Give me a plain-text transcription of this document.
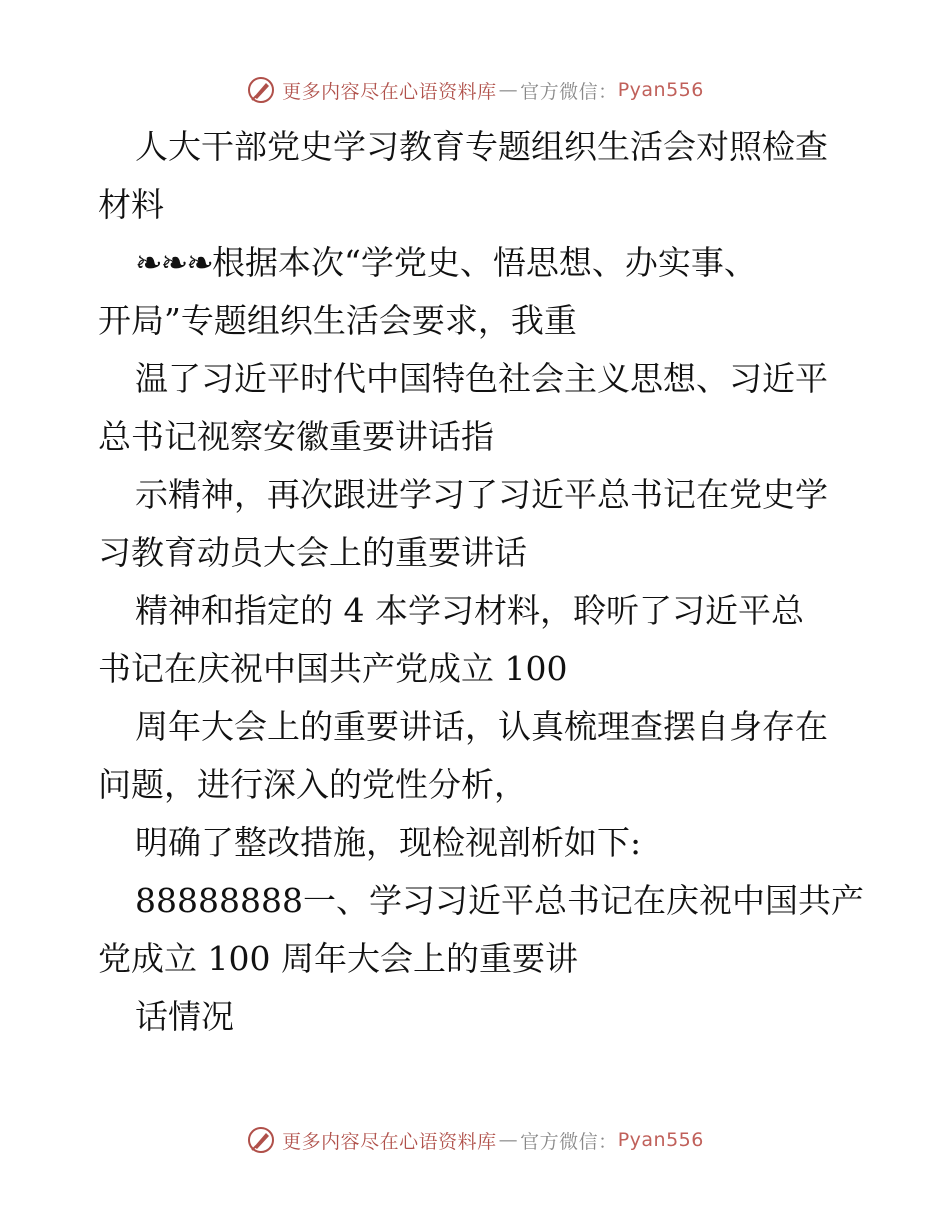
更多内容尽在心语资料库 — 官方微信： Pyan556
人大干部党史学习教育专题组织生活会对照检查
材料
❧❧❧根据本次“学党史、悟思想、办实事、
开局”专题组织生活会要求，我重
温了习近平时代中国特色社会主义思想、习近平
总书记视察安徽重要讲话指
示精神，再次跟进学习了习近平总书记在党史学
习教育动员大会上的重要讲话
精神和指定的 4 本学习材料，聆听了习近平总
书记在庆祝中国共产党成立 100
周年大会上的重要讲话，认真梳理查摆自身存在
问题，进行深入的党性分析，
明确了整改措施，现检视剖析如下:
88888888一、学习习近平总书记在庆祝中国共产
党成立 100 周年大会上的重要讲
话情况
更多内容尽在心语资料库 — 官方微信： Pyan556
